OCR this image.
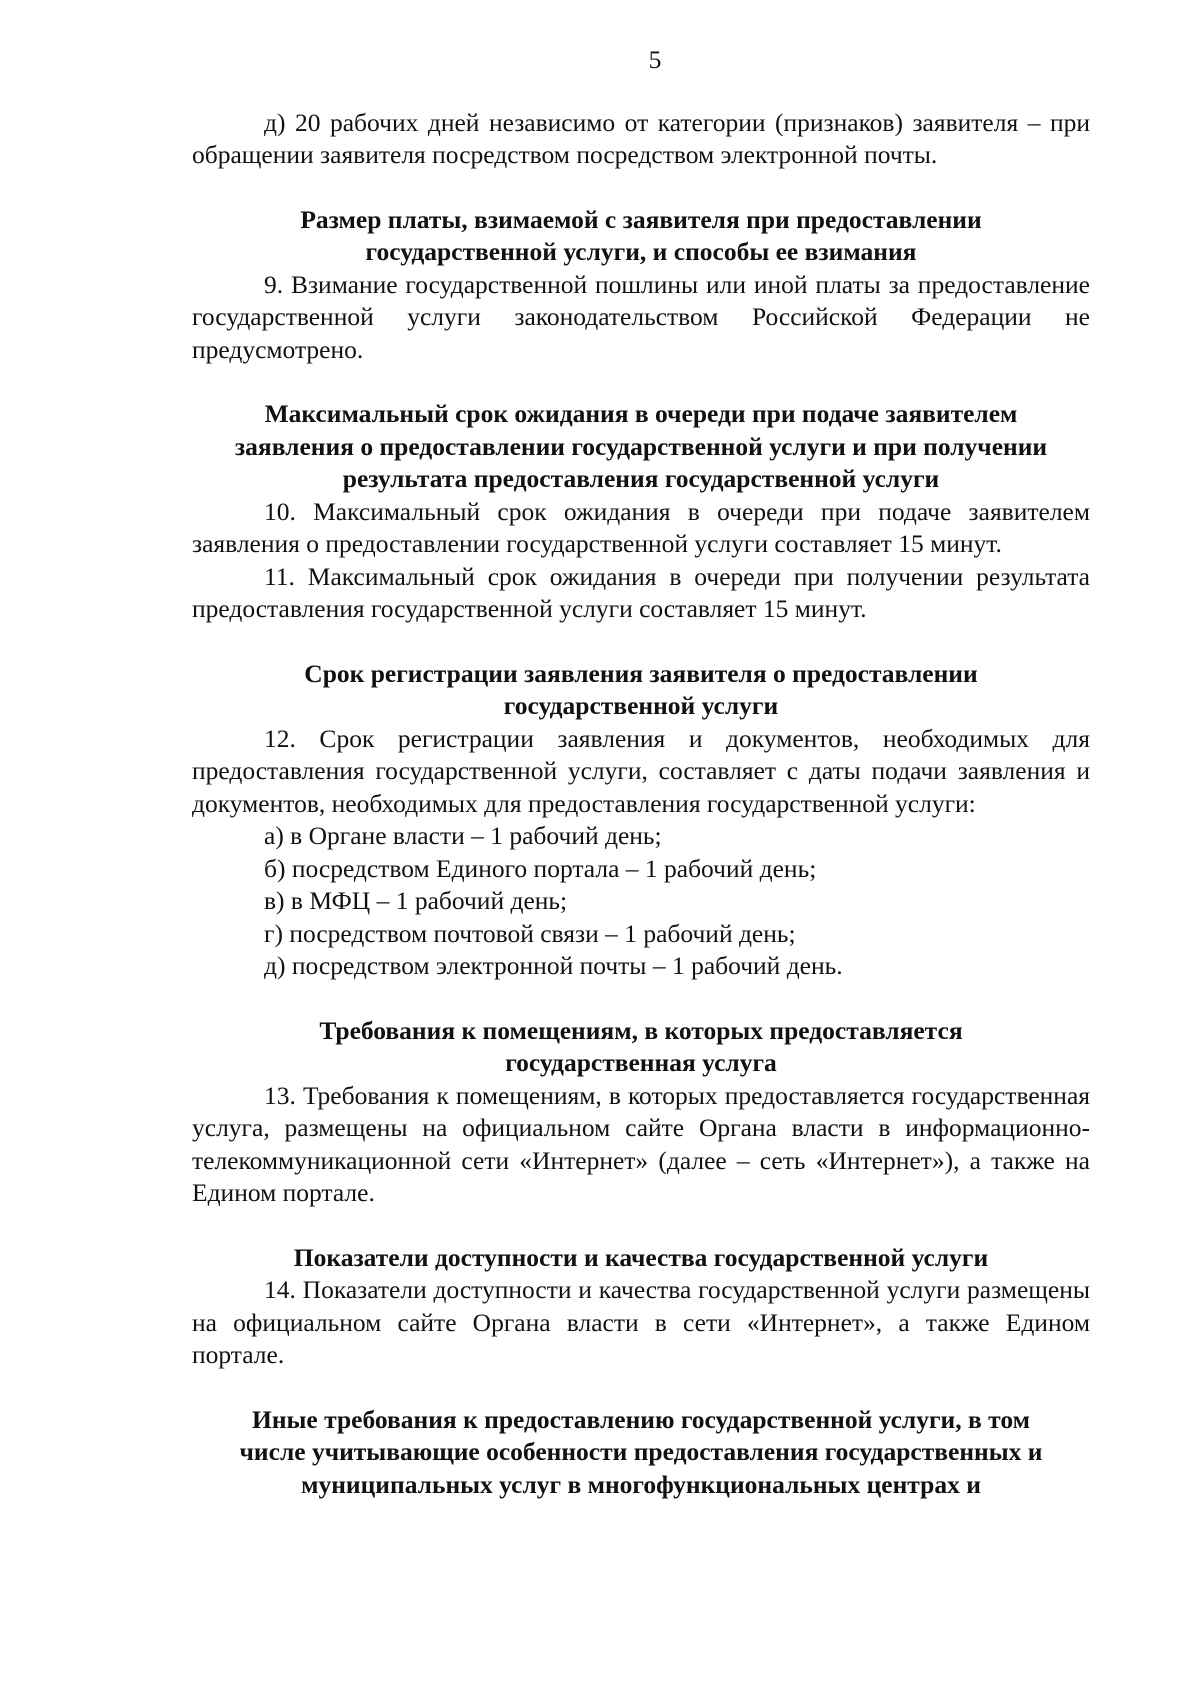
5

д) 20 рабочих дней независимо от категории (признаков) заявителя – при обращении заявителя посредством посредством электронной почты.

Размер платы, взимаемой с заявителя при предоставлении
государственной услуги, и способы ее взимания

9. Взимание государственной пошлины или иной платы за предоставление государственной услуги законодательством Российской Федерации не предусмотрено.

Максимальный срок ожидания в очереди при подаче заявителем
заявления о предоставлении государственной услуги и при получении
результата предоставления государственной услуги

10. Максимальный срок ожидания в очереди при подаче заявителем заявления о предоставлении государственной услуги составляет 15 минут.

11. Максимальный срок ожидания в очереди при получении результата предоставления государственной услуги составляет 15 минут.

Срок регистрации заявления заявителя о предоставлении
государственной услуги

12. Срок регистрации заявления и документов, необходимых для предоставления государственной услуги, составляет с даты подачи заявления и документов, необходимых для предоставления государственной услуги:

а) в Органе власти – 1 рабочий день;

б) посредством Единого портала – 1 рабочий день;

в) в МФЦ – 1 рабочий день;

г) посредством почтовой связи – 1 рабочий день;

д) посредством электронной почты – 1 рабочий день.

Требования к помещениям, в которых предоставляется
государственная услуга

13. Требования к помещениям, в которых предоставляется государственная услуга, размещены на официальном сайте Органа власти в информационно-телекоммуникационной сети «Интернет» (далее – сеть «Интернет»), а также на Едином портале.

Показатели доступности и качества государственной услуги

14. Показатели доступности и качества государственной услуги размещены на официальном сайте Органа власти в сети «Интернет», а также Едином портале.

Иные требования к предоставлению государственной услуги, в том
числе учитывающие особенности предоставления государственных и
муниципальных услуг в многофункциональных центрах и
